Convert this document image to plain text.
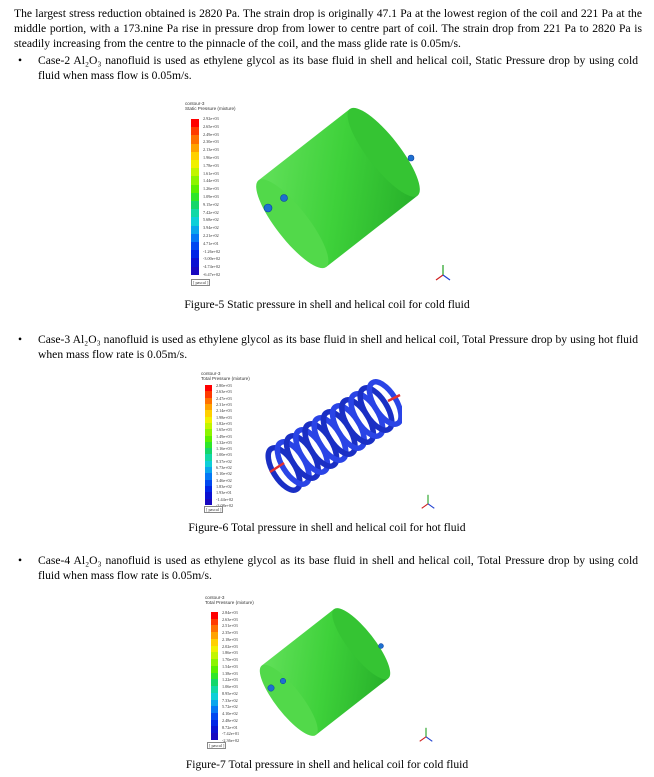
The largest stress reduction obtained is 2820 Pa. The strain drop is originally 47.1 Pa at the lowest region of the coil and 221 Pa at the middle portion, with a 173.nine Pa rise in pressure drop from lower to centre part of coil. The strain drop from 221 Pa to 2820 Pa is steadily increasing from the centre to the pinnacle of the coil, and the mass glide rate is 0.05m/s.
• Case-2 Al₂O₃ nanofluid is used as ethylene glycol as its base fluid in shell and helical coil, Static Pressure drop by using cold fluid when mass flow is 0.05m/s.
contour-3
Static Pressure (mixture)
2.92e+03
2.65e+03
2.49e+03
2.30e+03
2.13e+03
1.96e+03
1.78e+03
1.61e+03
1.44e+03
1.26e+03
1.09e+03
9.15e+02
7.42e+02
5.68e+02
3.94e+02
2.21e+02
4.71e+01
-1.26e+02
-3.00e+02
-4.74e+02
-6.47e+02
[ pascal ]
Figure-5 Static pressure in shell and helical coil for cold fluid
• Case-3 Al₂O₃ nanofluid is used as ethylene glycol as its base fluid in shell and helical coil, Total Pressure drop by using hot fluid when mass flow rate is 0.05m/s.
contour-3
Total Pressure (mixture)
2.80e+03
2.63e+03
2.47e+03
2.31e+03
2.14e+03
1.98e+03
1.82e+03
1.65e+03
1.49e+03
1.32e+03
1.16e+03
1.00e+03
8.37e+02
6.73e+02
5.10e+02
3.46e+02
1.83e+02
1.93e+01
-1.44e+02
-3.08e+02
[ pascal ]
Figure-6 Total pressure in shell and helical coil for hot fluid
• Case-4 Al₂O₃ nanofluid is used as ethylene glycol as its base fluid in shell and helical coil, Total Pressure drop by using cold fluid when mass flow rate is 0.05m/s.
contour-3
Total Pressure (mixture)
2.84e+03
2.63e+03
2.51e+03
2.35e+03
2.18e+03
2.02e+03
1.86e+03
1.70e+03
1.54e+03
1.38e+03
1.22e+03
1.06e+03
8.95e+02
7.33e+02
5.72e+02
4.10e+02
2.48e+02
8.72e+01
-7.42e+01
-2.36e+02
[ pascal ]
Figure-7 Total pressure in shell and helical coil for cold fluid
